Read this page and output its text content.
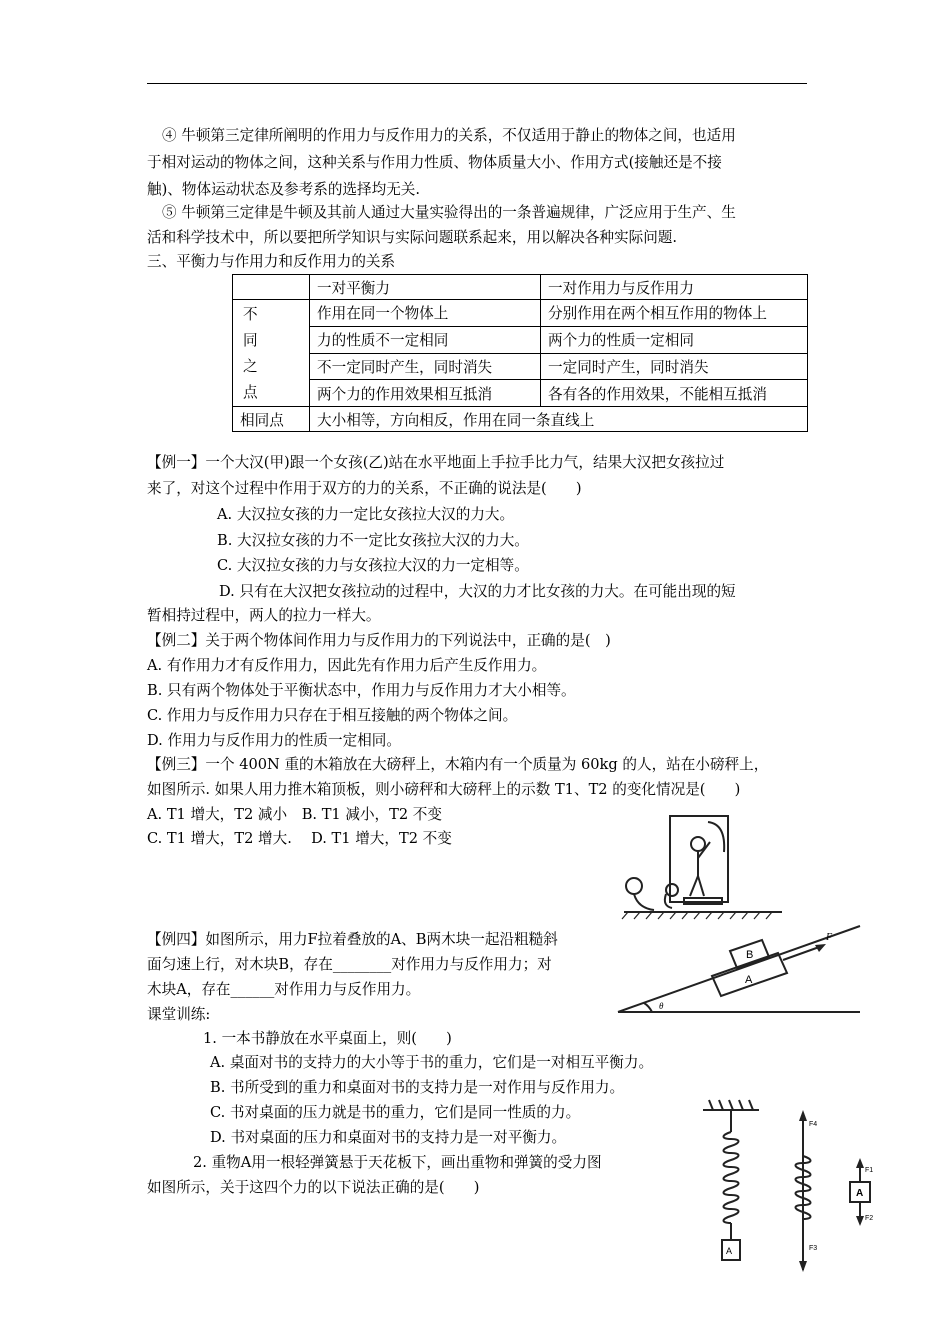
④ 牛顿第三定律所阐明的作用力与反作用力的关系，不仅适用于静止的物体之间，也适用
于相对运动的物体之间，这种关系与作用力性质、物体质量大小、作用方式(接触还是不接
触)、物体运动状态及参考系的选择均无关.
⑤ 牛顿第三定律是牛顿及其前人通过大量实验得出的一条普遍规律，广泛应用于生产、生
活和科学技术中，所以要把所学知识与实际问题联系起来，用以解决各种实际问题.
三、平衡力与作用力和反作用力的关系
	一对平衡力	一对作用力与反作用力

不
同
之
点	作用在同一个物体上	分别作用在两个相互作用的物体上
	力的性质不一定相同	两个力的性质一定相同
	不一定同时产生，同时消失	一定同时产生，同时消失
	两个力的作用效果相互抵消	各有各的作用效果，不能相互抵消
相同点	大小相等，方向相反，作用在同一条直线上	
【例一】一个大汉(甲)跟一个女孩(乙)站在水平地面上手拉手比力气，结果大汉把女孩拉过
来了，对这个过程中作用于双方的力的关系，不正确的说法是(　　)
A. 大汉拉女孩的力一定比女孩拉大汉的力大。
B. 大汉拉女孩的力不一定比女孩拉大汉的力大。
C. 大汉拉女孩的力与女孩拉大汉的力一定相等。
D. 只有在大汉把女孩拉动的过程中，大汉的力才比女孩的力大。在可能出现的短
暂相持过程中，两人的拉力一样大。
【例二】关于两个物体间作用力与反作用力的下列说法中，正确的是(　)
A. 有作用力才有反作用力，因此先有作用力后产生反作用力。
B. 只有两个物体处于平衡状态中，作用力与反作用力才大小相等。
C. 作用力与反作用力只存在于相互接触的两个物体之间。
D. 作用力与反作用力的性质一定相同。
【例三】一个 400N 重的木箱放在大磅秤上，木箱内有一个质量为 60kg 的人，站在小磅秤上，
如图所示. 如果人用力推木箱顶板，则小磅秤和大磅秤上的示数 T1、T2 的变化情况是(　　)
A. T1 增大，T2 减小　B. T1 减小，T2 不变
C. T1 增大，T2 增大.　 D. T1 增大，T2 不变
【例四】如图所示，用力F拉着叠放的A、B两木块一起沿粗糙斜
面匀速上行，对木块B，存在________对作用力与反作用力；对
木块A，存在______对作用力与反作用力。
A
B
F
θ
课堂训练:
1. 一本书静放在水平桌面上，则(　　)
A. 桌面对书的支持力的大小等于书的重力，它们是一对相互平衡力。
B. 书所受到的重力和桌面对书的支持力是一对作用与反作用力。
C. 书对桌面的压力就是书的重力，它们是同一性质的力。
D. 书对桌面的压力和桌面对书的支持力是一对平衡力。
2. 重物A用一根轻弹簧悬于天花板下，画出重物和弹簧的受力图
如图所示，关于这四个力的以下说法正确的是(　　)
A
A
F4
F3
F1
F2
